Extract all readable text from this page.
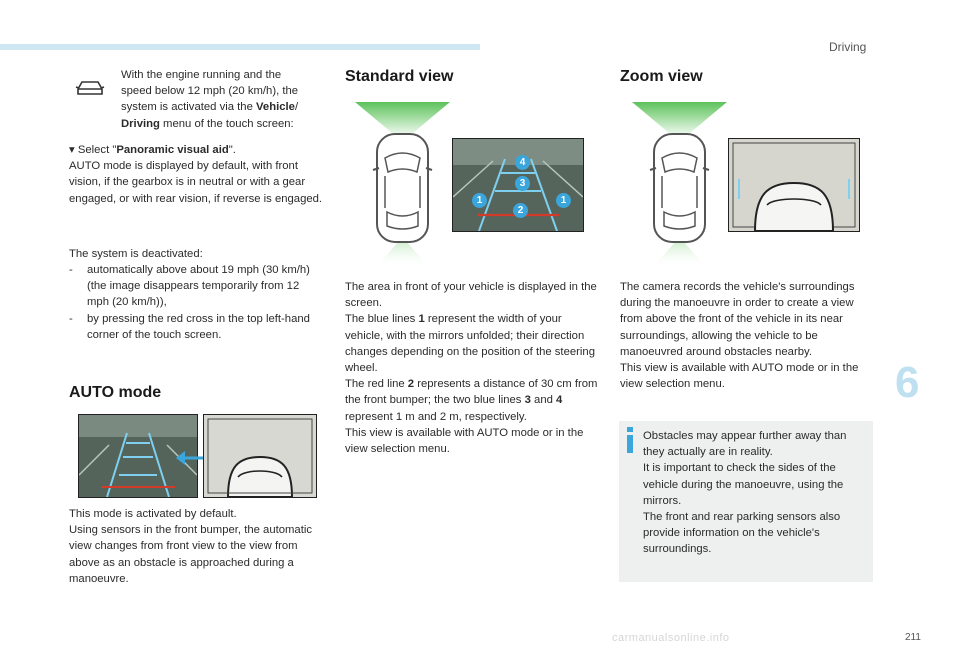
Driving
6
211
carmanualsonline.info

With the engine running and the
speed below 12 mph (20 km/h), the
system is activated via the Vehicle/
Driving menu of the touch screen:

▾ Select "Panoramic visual aid".
AUTO mode is displayed by default, with front vision, if the gearbox is in neutral or with a gear engaged, or with rear vision, if reverse is engaged.

The system is deactivated:

- automatically above about 19 mph (30 km/h) (the image disappears temporarily from 12 mph (20 km/h)),
- by pressing the red cross in the top left-hand corner of the touch screen.
AUTO mode

This mode is activated by default.
Using sensors in the front bumper, the automatic view changes from front view to the view from above as an obstacle is approached during a manoeuvre.

Standard view
4
3
1
2
1

The area in front of your vehicle is displayed in the screen.
The blue lines 1 represent the width of your vehicle, with the mirrors unfolded; their direction changes depending on the position of the steering wheel.
The red line 2 represents a distance of 30 cm from the front bumper; the two blue lines 3 and 4 represent 1 m and 2 m, respectively.
This view is available with AUTO mode or in the view selection menu.

Zoom view

The camera records the vehicle's surroundings during the manoeuvre in order to create a view from above the front of the vehicle in its near surroundings, allowing the vehicle to be manoeuvred around obstacles nearby.
This view is available with AUTO mode or in the view selection menu.

Obstacles may appear further away than they actually are in reality.
It is important to check the sides of the vehicle during the manoeuvre, using the mirrors.
The front and rear parking sensors also provide information on the vehicle's surroundings.
